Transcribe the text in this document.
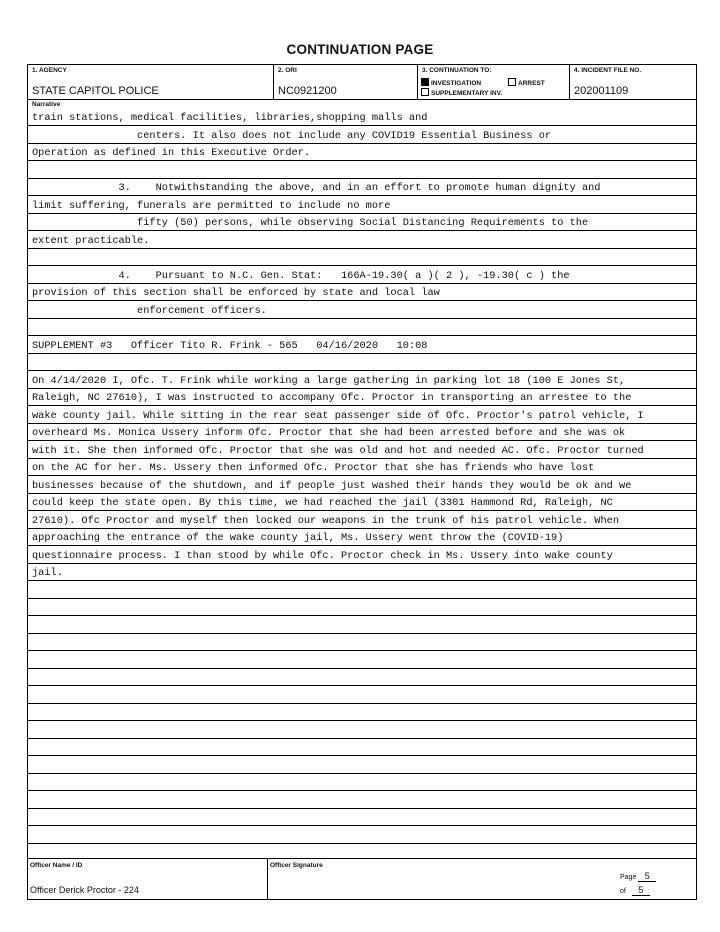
CONTINUATION PAGE
1. AGENCY
STATE CAPITOL POLICE
2. ORI
NC0921200
3. CONTINUATION TO:
INVESTIGATION	ARREST
SUPPLEMENTARY INV.
4. INCIDENT FILE NO.
202001109
Narrative
train stations, medical facilities, libraries,shopping malls and
centers. It also does not include any COVID19 Essential Business or
Operation as defined in this Executive Order.
3.    Notwithstanding the above, and in an effort to promote human dignity and
limit suffering, funerals are permitted to include no more
fifty (50) persons, while observing Social Distancing Requirements to the
extent practicable.
4.    Pursuant to N.C. Gen. Stat:   166A-19.30( a )( 2 ), -19.30( c ) the
provision of this section shall be enforced by state and local law
enforcement officers.
SUPPLEMENT #3   Officer Tito R. Frink - 565   04/16/2020   10:08
On 4/14/2020 I, Ofc. T. Frink while working a large gathering in parking lot 18 (100 E Jones St,
Raleigh, NC 27610), I was instructed to accompany Ofc. Proctor in transporting an arrestee to the
wake county jail. While sitting in the rear seat passenger side of Ofc. Proctor's patrol vehicle, I
overheard Ms. Monica Ussery inform Ofc. Proctor that she had been arrested before and she was ok
with it. She then informed Ofc. Proctor that she was old and hot and needed AC. Ofc. Proctor turned
on the AC for her. Ms. Ussery then informed Ofc. Proctor that she has friends who have lost
businesses because of the shutdown, and if people just washed their hands they would be ok and we
could keep the state open. By this time, we had reached the jail (3301 Hammond Rd, Raleigh, NC
27610). Ofc Proctor and myself then locked our weapons in the trunk of his patrol vehicle. When
approaching the entrance of the wake county jail, Ms. Ussery went throw the (COVID-19)
questionnaire process. I than stood by while Ofc. Proctor check in Ms. Ussery into wake county
jail.
Officer Name / ID
Officer Derick Proctor - 224
Officer Signature
Page 5
of 5
